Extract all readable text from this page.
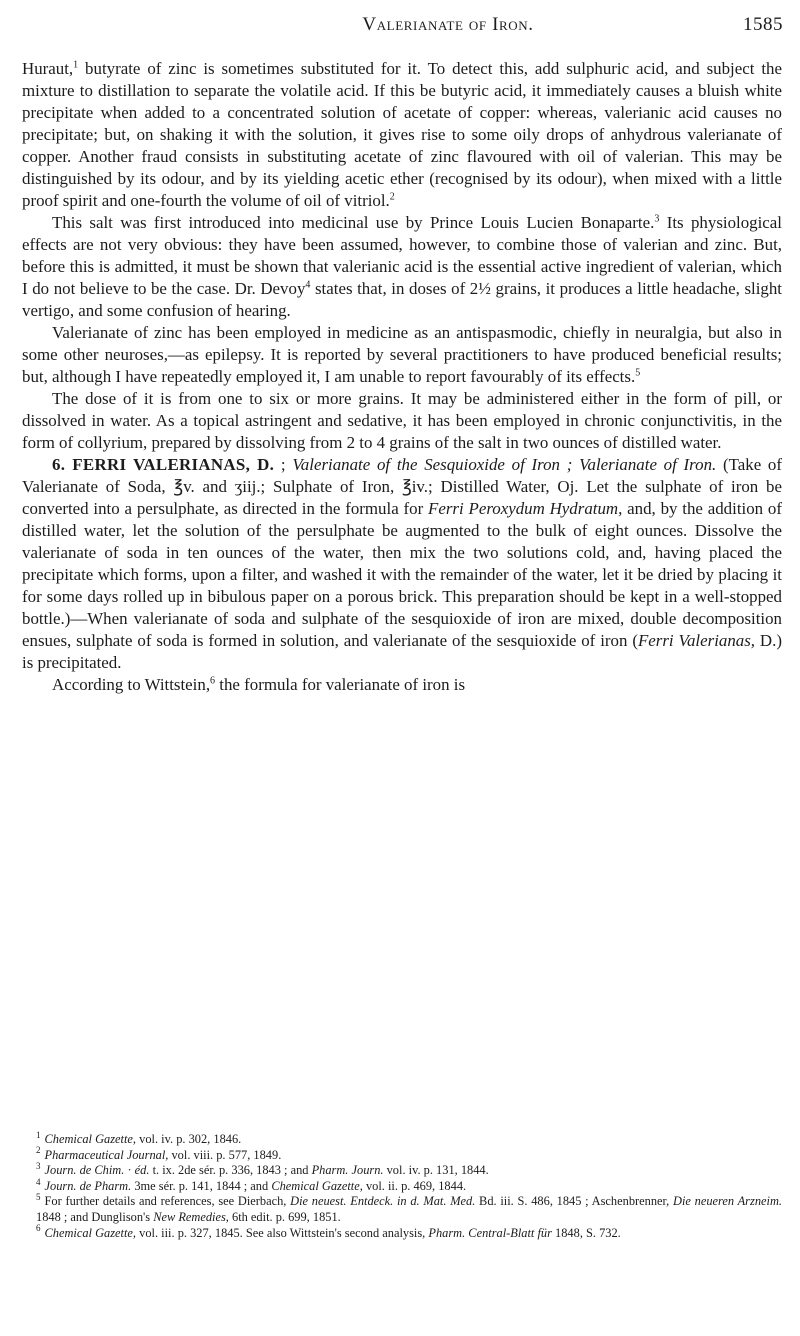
Valerianate of Iron.	1585

Huraut,$^1$ butyrate of zinc is sometimes substituted for it. To detect this, add sulphuric acid, and subject the mixture to distillation to separate the volatile acid. If this be butyric acid, it immediately causes a bluish white precipitate when added to a concentrated solution of acetate of copper: whereas, valerianic acid causes no precipitate; but, on shaking it with the solution, it gives rise to some oily drops of anhydrous valerianate of copper. Another fraud consists in substituting acetate of zinc flavoured with oil of valerian. This may be distinguished by its odour, and by its yielding acetic ether (recognised by its odour), when mixed with a little proof spirit and one-fourth the volume of oil of vitriol.$^2$

This salt was first introduced into medicinal use by Prince Louis Lucien Bonaparte.$^3$ Its physiological effects are not very obvious: they have been assumed, however, to combine those of valerian and zinc. But, before this is admitted, it must be shown that valerianic acid is the essential active ingredient of valerian, which I do not believe to be the case. Dr. Devoy$^4$ states that, in doses of 2½ grains, it produces a little headache, slight vertigo, and some confusion of hearing.

Valerianate of zinc has been employed in medicine as an antispasmodic, chiefly in neuralgia, but also in some other neuroses,—as epilepsy. It is reported by several practitioners to have produced beneficial results; but, although I have repeatedly employed it, I am unable to report favourably of its effects.$^5$

The dose of it is from one to six or more grains. It may be administered either in the form of pill, or dissolved in water. As a topical astringent and sedative, it has been employed in chronic conjunctivitis, in the form of collyrium, prepared by dissolving from 2 to 4 grains of the salt in two ounces of distilled water.

6. FERRI VALERIANAS, D. ; Valerianate of the Sesquioxide of Iron ; Valerianate of Iron. (Take of Valerianate of Soda, ℥v. and ʒiij.; Sulphate of Iron, ℥iv.; Distilled Water, Oj. Let the sulphate of iron be converted into a persulphate, as directed in the formula for Ferri Peroxydum Hydratum, and, by the addition of distilled water, let the solution of the persulphate be augmented to the bulk of eight ounces. Dissolve the valerianate of soda in ten ounces of the water, then mix the two solutions cold, and, having placed the precipitate which forms, upon a filter, and washed it with the remainder of the water, let it be dried by placing it for some days rolled up in bibulous paper on a porous brick. This preparation should be kept in a well-stopped bottle.)—When valerianate of soda and sulphate of the sesquioxide of iron are mixed, double decomposition ensues, sulphate of soda is formed in solution, and valerianate of the sesquioxide of iron (Ferri Valerianas, D.) is precipitated.

According to Wittstein,$^6$ the formula for valerianate of iron is

$^1$ Chemical Gazette, vol. iv. p. 302, 1846.

$^2$ Pharmaceutical Journal, vol. viii. p. 577, 1849.

$^3$ Journ. de Chim. · éd. t. ix. 2de sér. p. 336, 1843 ; and Pharm. Journ. vol. iv. p. 131, 1844.

$^4$ Journ. de Pharm. 3me sér. p. 141, 1844 ; and Chemical Gazette, vol. ii. p. 469, 1844.

$^5$ For further details and references, see Dierbach, Die neuest. Entdeck. in d. Mat. Med. Bd. iii. S. 486, 1845 ; Aschenbrenner, Die neueren Arzneim. 1848 ; and Dunglison's New Remedies, 6th edit. p. 699, 1851.

$^6$ Chemical Gazette, vol. iii. p. 327, 1845. See also Wittstein's second analysis, Pharm. Central-Blatt für 1848, S. 732.
